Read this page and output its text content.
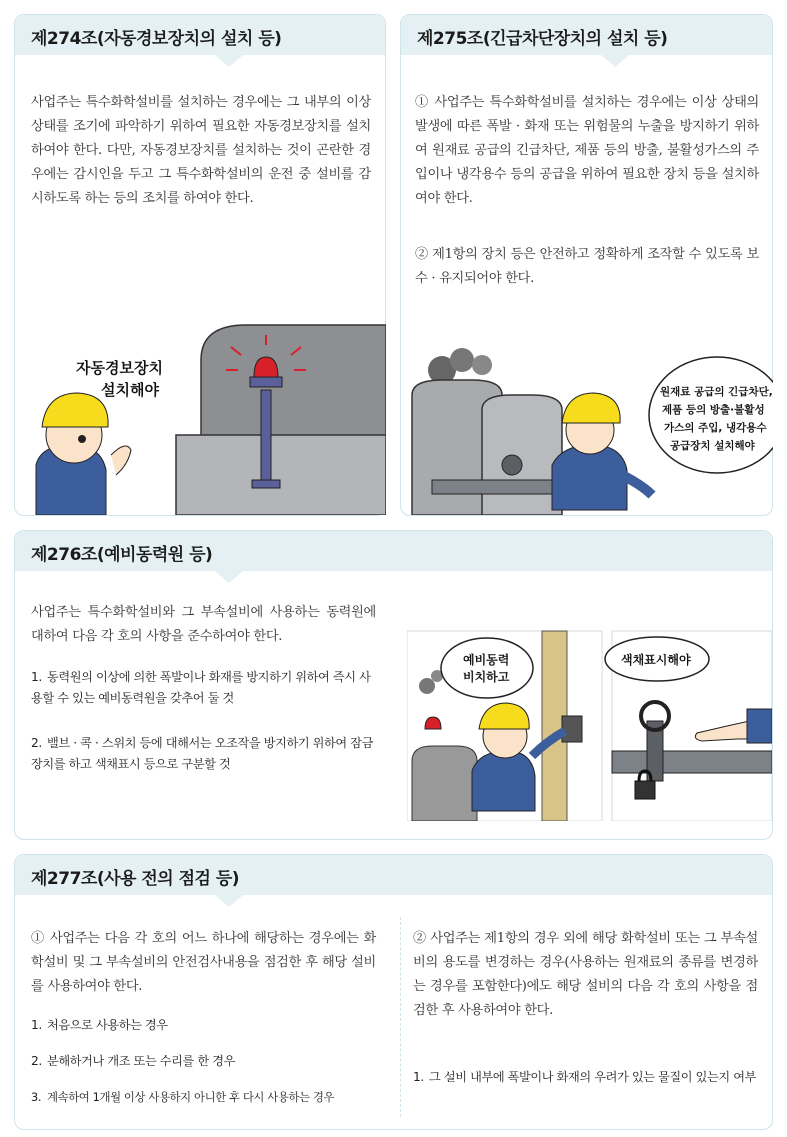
제274조(자동경보장치의 설치 등)
사업주는 특수화학설비를 설치하는 경우에는 그 내부의 이상 상태를 조기에 파악하기 위하여 필요한 자동경보장치를 설치하여야 한다. 다만, 자동경보장치를 설치하는 것이 곤란한 경우에는 감시인을 두고 그 특수화학설비의 운전 중 설비를 감시하도록 하는 등의 조치를 하여야 한다.
자동경보장치
설치해야
제275조(긴급차단장치의 설치 등)
① 사업주는 특수화학설비를 설치하는 경우에는 이상 상태의 발생에 따른 폭발 · 화재 또는 위험물의 누출을 방지하기 위하여 원재료 공급의 긴급차단, 제품 등의 방출, 불활성가스의 주입이나 냉각용수 등의 공급을 위하여 필요한 장치 등을 설치하여야 한다.
② 제1항의 장치 등은 안전하고 정확하게 조작할 수 있도록 보수 · 유지되어야 한다.
원재료 공급의 긴급차단,
제품 등의 방출·불활성
가스의 주입, 냉각용수
공급장치 설치해야
제276조(예비동력원 등)
사업주는 특수화학설비와 그 부속설비에 사용하는 동력원에 대하여 다음 각 호의 사항을 준수하여야 한다.
1. 동력원의 이상에 의한 폭발이나 화재를 방지하기 위하여 즉시 사용할 수 있는 예비동력원을 갖추어 둘 것
2. 밸브 · 콕 · 스위치 등에 대해서는 오조작을 방지하기 위하여 잠금장치를 하고 색채표시 등으로 구분할 것
예비동력
비치하고
색채표시해야
제277조(사용 전의 점검 등)
① 사업주는 다음 각 호의 어느 하나에 해당하는 경우에는 화학설비 및 그 부속설비의 안전검사내용을 점검한 후 해당 설비를 사용하여야 한다.
1. 처음으로 사용하는 경우
2. 분해하거나 개조 또는 수리를 한 경우
3. 계속하여 1개월 이상 사용하지 아니한 후 다시 사용하는 경우
② 사업주는 제1항의 경우 외에 해당 화학설비 또는 그 부속설비의 용도를 변경하는 경우(사용하는 원재료의 종류를 변경하는 경우를 포함한다)에도 해당 설비의 다음 각 호의 사항을 점검한 후 사용하여야 한다.
1. 그 설비 내부에 폭발이나 화재의 우려가 있는 물질이 있는지 여부
